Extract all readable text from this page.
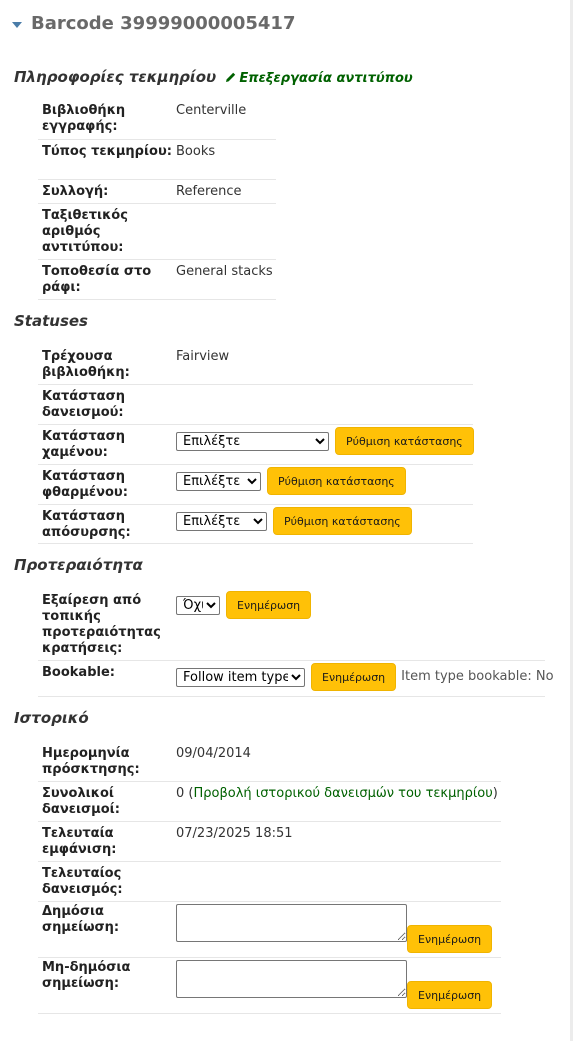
Barcode 39999000005417
Πληροφορίες τεκμηρίου Επεξεργασία αντιτύπου
Βιβλιοθήκη εγγραφής:
Centerville
Τύπος τεκμηρίου: Books
Συλλογή:	Reference
Ταξιθετικός αριθμός αντιτύπου:
Τοποθεσία στο ράφι:
General stacks
Statuses
Τρέχουσα βιβλιοθήκη:
Fairview
Κατάσταση δανεισμού:
Κατάσταση χαμένου:
Επιλέξτε
Ρύθμιση κατάστασης
Κατάσταση φθαρμένου:
Επιλέξτε
Ρύθμιση κατάστασης
Κατάσταση απόσυρσης:
Επιλέξτε
Ρύθμιση κατάστασης
Προτεραιότητα
Εξαίρεση από τοπικής προτεραιότητας κρατήσεις:
Όχι
Ενημέρωση
Bookable:
Follow item type	Ενημέρωση	Item type bookable: No
Ιστορικό
Ημερομηνία πρόσκτησης:
09/04/2014
Συνολικοί δανεισμοί:
0
( Προβολή ιστορικού δανεισμών του τεκμηρίου )
Τελευταία εμφάνιση:
07/23/2025 18:51
Τελευταίος δανεισμός:
Δημόσια σημείωση:
Ενημέρωση
Μη-δημόσια σημείωση:
Ενημέρωση
